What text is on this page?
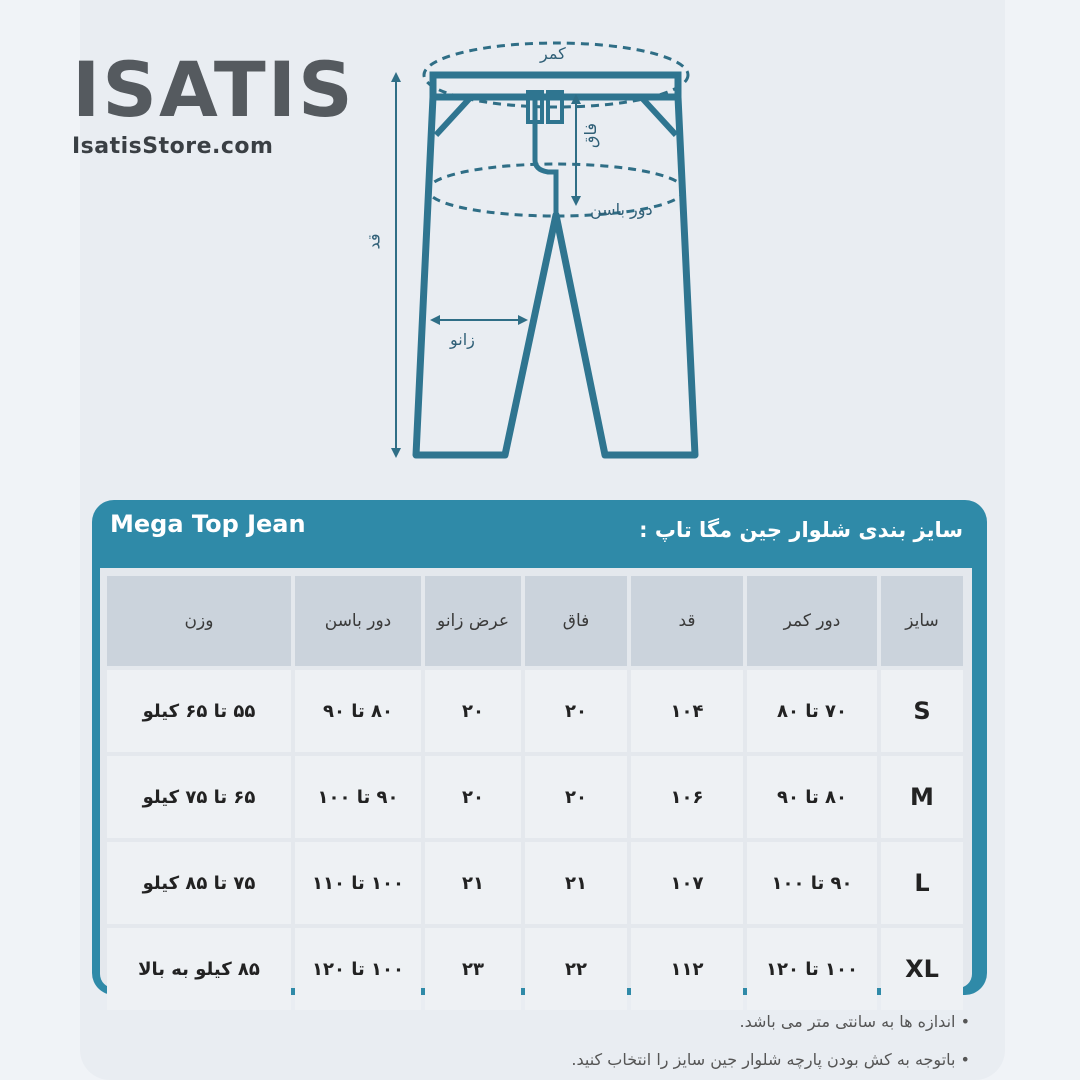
ISATIS
IsatisStore.com
کمر
فاق
دور باسن
قد
زانو
Mega Top Jean	سایز بندی شلوار جین مگا تاپ :
سایز	دور کمر	قد	فاق	عرض زانو	دور باسن	وزن
S	۷۰ تا ۸۰	۱۰۴	۲۰	۲۰	۸۰ تا ۹۰	۵۵ تا ۶۵ کیلو
M	۸۰ تا ۹۰	۱۰۶	۲۰	۲۰	۹۰ تا ۱۰۰	۶۵ تا ۷۵ کیلو
L	۹۰ تا ۱۰۰	۱۰۷	۲۱	۲۱	۱۰۰ تا ۱۱۰	۷۵ تا ۸۵ کیلو
XL	۱۰۰ تا ۱۲۰	۱۱۲	۲۲	۲۳	۱۰۰ تا ۱۲۰	۸۵ کیلو به بالا
• اندازه ها به سانتی متر می باشد.
• باتوجه به کش بودن پارچه شلوار جین سایز را انتخاب کنید.
